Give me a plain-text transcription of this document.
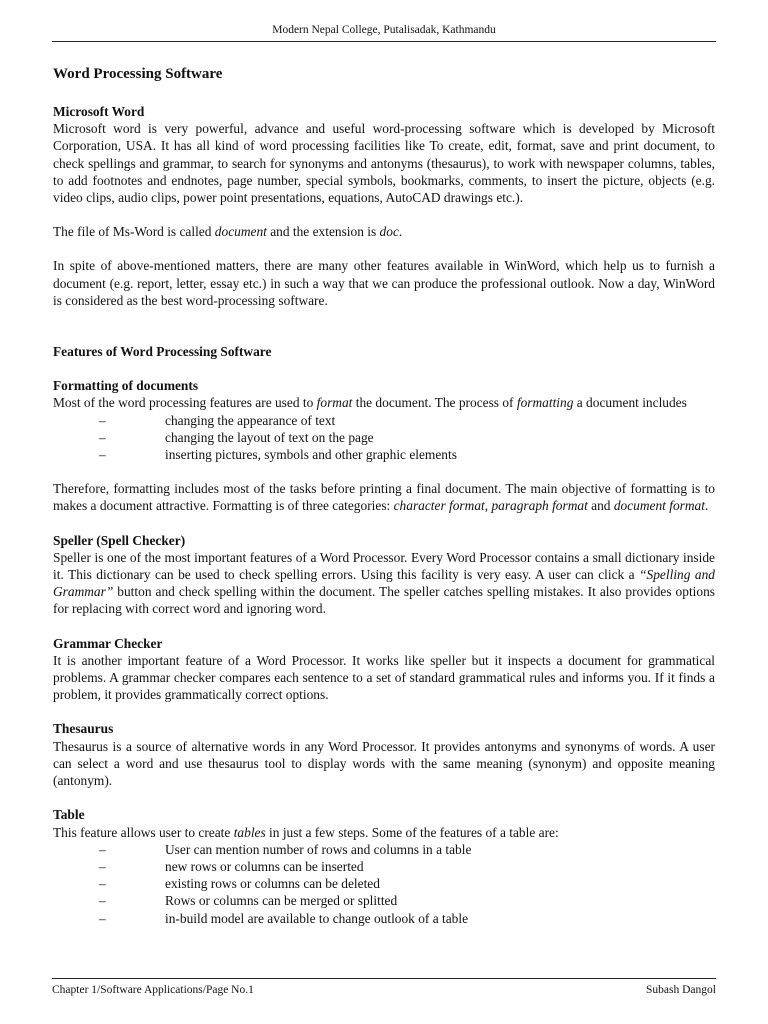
Modern Nepal College, Putalisadak, Kathmandu
Word Processing Software
Microsoft Word

Microsoft word is very powerful, advance and useful word-processing software which is developed by Microsoft Corporation, USA. It has all kind of word processing facilities like To create, edit, format, save and print document, to check spellings and grammar, to search for synonyms and antonyms (thesaurus), to work with newspaper columns, tables, to add footnotes and endnotes, page number, special symbols, bookmarks, comments, to insert the picture, objects (e.g. video clips, audio clips, power point presentations, equations, AutoCAD drawings etc.).

The file of Ms-Word is called document and the extension is doc.

In spite of above-mentioned matters, there are many other features available in WinWord, which help us to furnish a document (e.g. report, letter, essay etc.) in such a way that we can produce the professional outlook. Now a day, WinWord is considered as the best word-processing software.

Features of Word Processing Software
Formatting of documents

Most of the word processing features are used to format the document. The process of formatting a document includes

–	changing the appearance of text
–	changing the layout of text on the page
–	inserting pictures, symbols and other graphic elements

Therefore, formatting includes most of the tasks before printing a final document. The main objective of formatting is to makes a document attractive. Formatting is of three categories: character format, paragraph format and document format.

Speller (Spell Checker)

Speller is one of the most important features of a Word Processor. Every Word Processor contains a small dictionary inside it. This dictionary can be used to check spelling errors. Using this facility is very easy. A user can click a “Spelling and Grammar” button and check spelling within the document. The speller catches spelling mistakes. It also provides options for replacing with correct word and ignoring word.

Grammar Checker

It is another important feature of a Word Processor. It works like speller but it inspects a document for grammatical problems. A grammar checker compares each sentence to a set of standard grammatical rules and informs you. If it finds a problem, it provides grammatically correct options.

Thesaurus

Thesaurus is a source of alternative words in any Word Processor. It provides antonyms and synonyms of words. A user can select a word and use thesaurus tool to display words with the same meaning (synonym) and opposite meaning (antonym).

Table

This feature allows user to create tables in just a few steps. Some of the features of a table are:

–	User can mention number of rows and columns in a table
–	new rows or columns can be inserted
–	existing rows or columns can be deleted
–	Rows or columns can be merged or splitted
–	in-build model are available to change outlook of a table
Chapter 1/Software Applications/Page No.1	Subash Dangol
